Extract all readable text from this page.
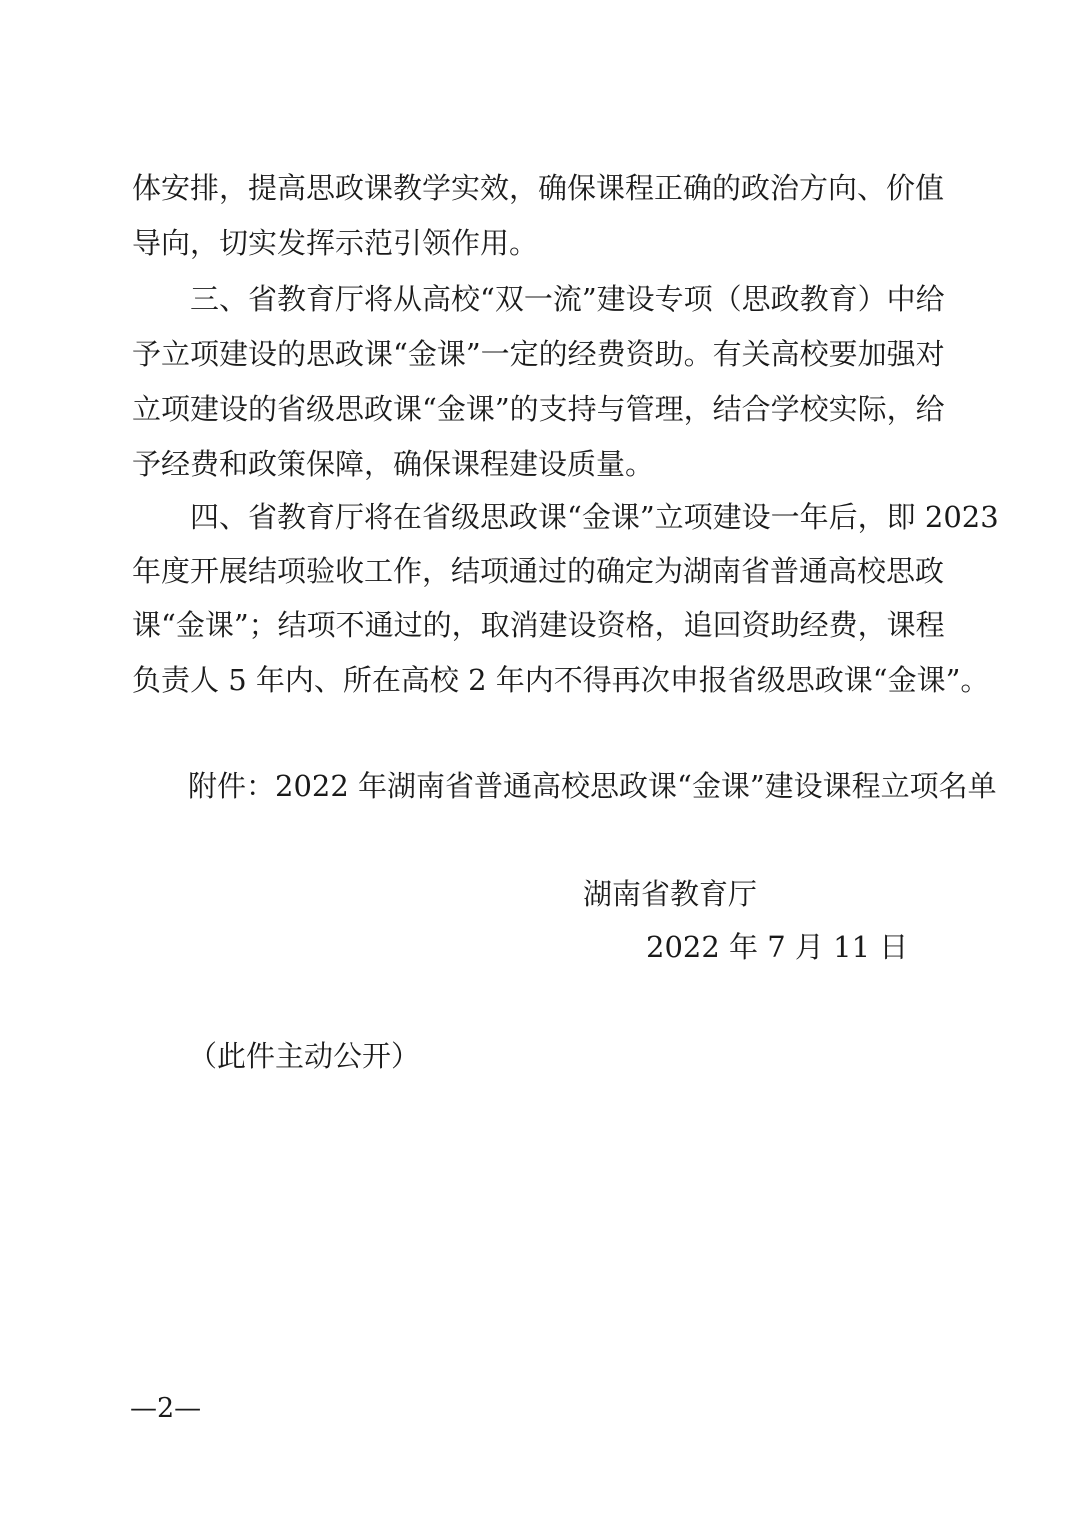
体安排，提高思政课教学实效，确保课程正确的政治方向、价值
导向，切实发挥示范引领作用。
　　三、省教育厅将从高校“双一流”建设专项（思政教育）中给
予立项建设的思政课“金课”一定的经费资助。有关高校要加强对
立项建设的省级思政课“金课”的支持与管理，结合学校实际，给
予经费和政策保障，确保课程建设质量。
　　四、省教育厅将在省级思政课“金课”立项建设一年后，即 2023
年度开展结项验收工作，结项通过的确定为湖南省普通高校思政
课“金课”；结项不通过的，取消建设资格，追回资助经费，课程
负责人 5 年内、所在高校 2 年内不得再次申报省级思政课“金课”。
附件：2022 年湖南省普通高校思政课“金课”建设课程立项名单
湖南省教育厅
2022 年 7 月 11 日
（此件主动公开）
—2—
